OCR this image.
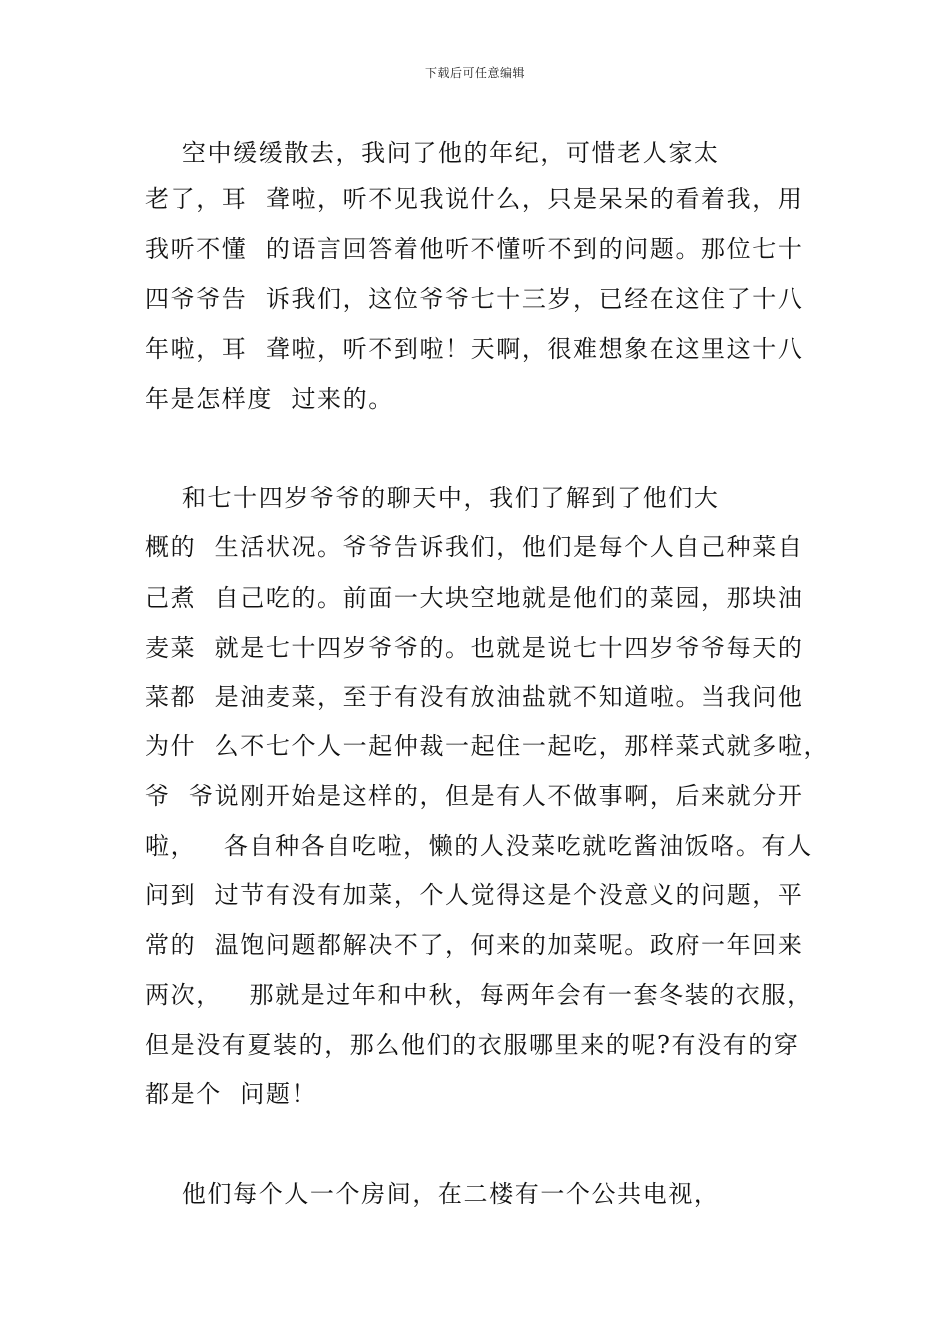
下载后可任意编辑
空中缓缓散去，我问了他的年纪，可惜老人家太
老了，耳  聋啦，听不见我说什么，只是呆呆的看着我，用
我听不懂  的语言回答着他听不懂听不到的问题。那位七十
四爷爷告  诉我们，这位爷爷七十三岁，已经在这住了十八
年啦，耳  聋啦，听不到啦！天啊，很难想象在这里这十八
年是怎样度  过来的。
和七十四岁爷爷的聊天中，我们了解到了他们大
概的  生活状况。爷爷告诉我们，他们是每个人自己种菜自
己煮  自己吃的。前面一大块空地就是他们的菜园，那块油
麦菜  就是七十四岁爷爷的。也就是说七十四岁爷爷每天的
菜都  是油麦菜，至于有没有放油盐就不知道啦。当我问他
为什  么不七个人一起仲裁一起住一起吃，那样菜式就多啦，
爷  爷说刚开始是这样的，但是有人不做事啊，后来就分开
啦，   各自种各自吃啦，懒的人没菜吃就吃酱油饭咯。有人
问到  过节有没有加菜，个人觉得这是个没意义的问题，平
常的  温饱问题都解决不了，何来的加菜呢。政府一年回来
两次，   那就是过年和中秋，每两年会有一套冬装的衣服，
但是没有夏装的，那么他们的衣服哪里来的呢?有没有的穿
都是个  问题！
他们每个人一个房间，在二楼有一个公共电视，
